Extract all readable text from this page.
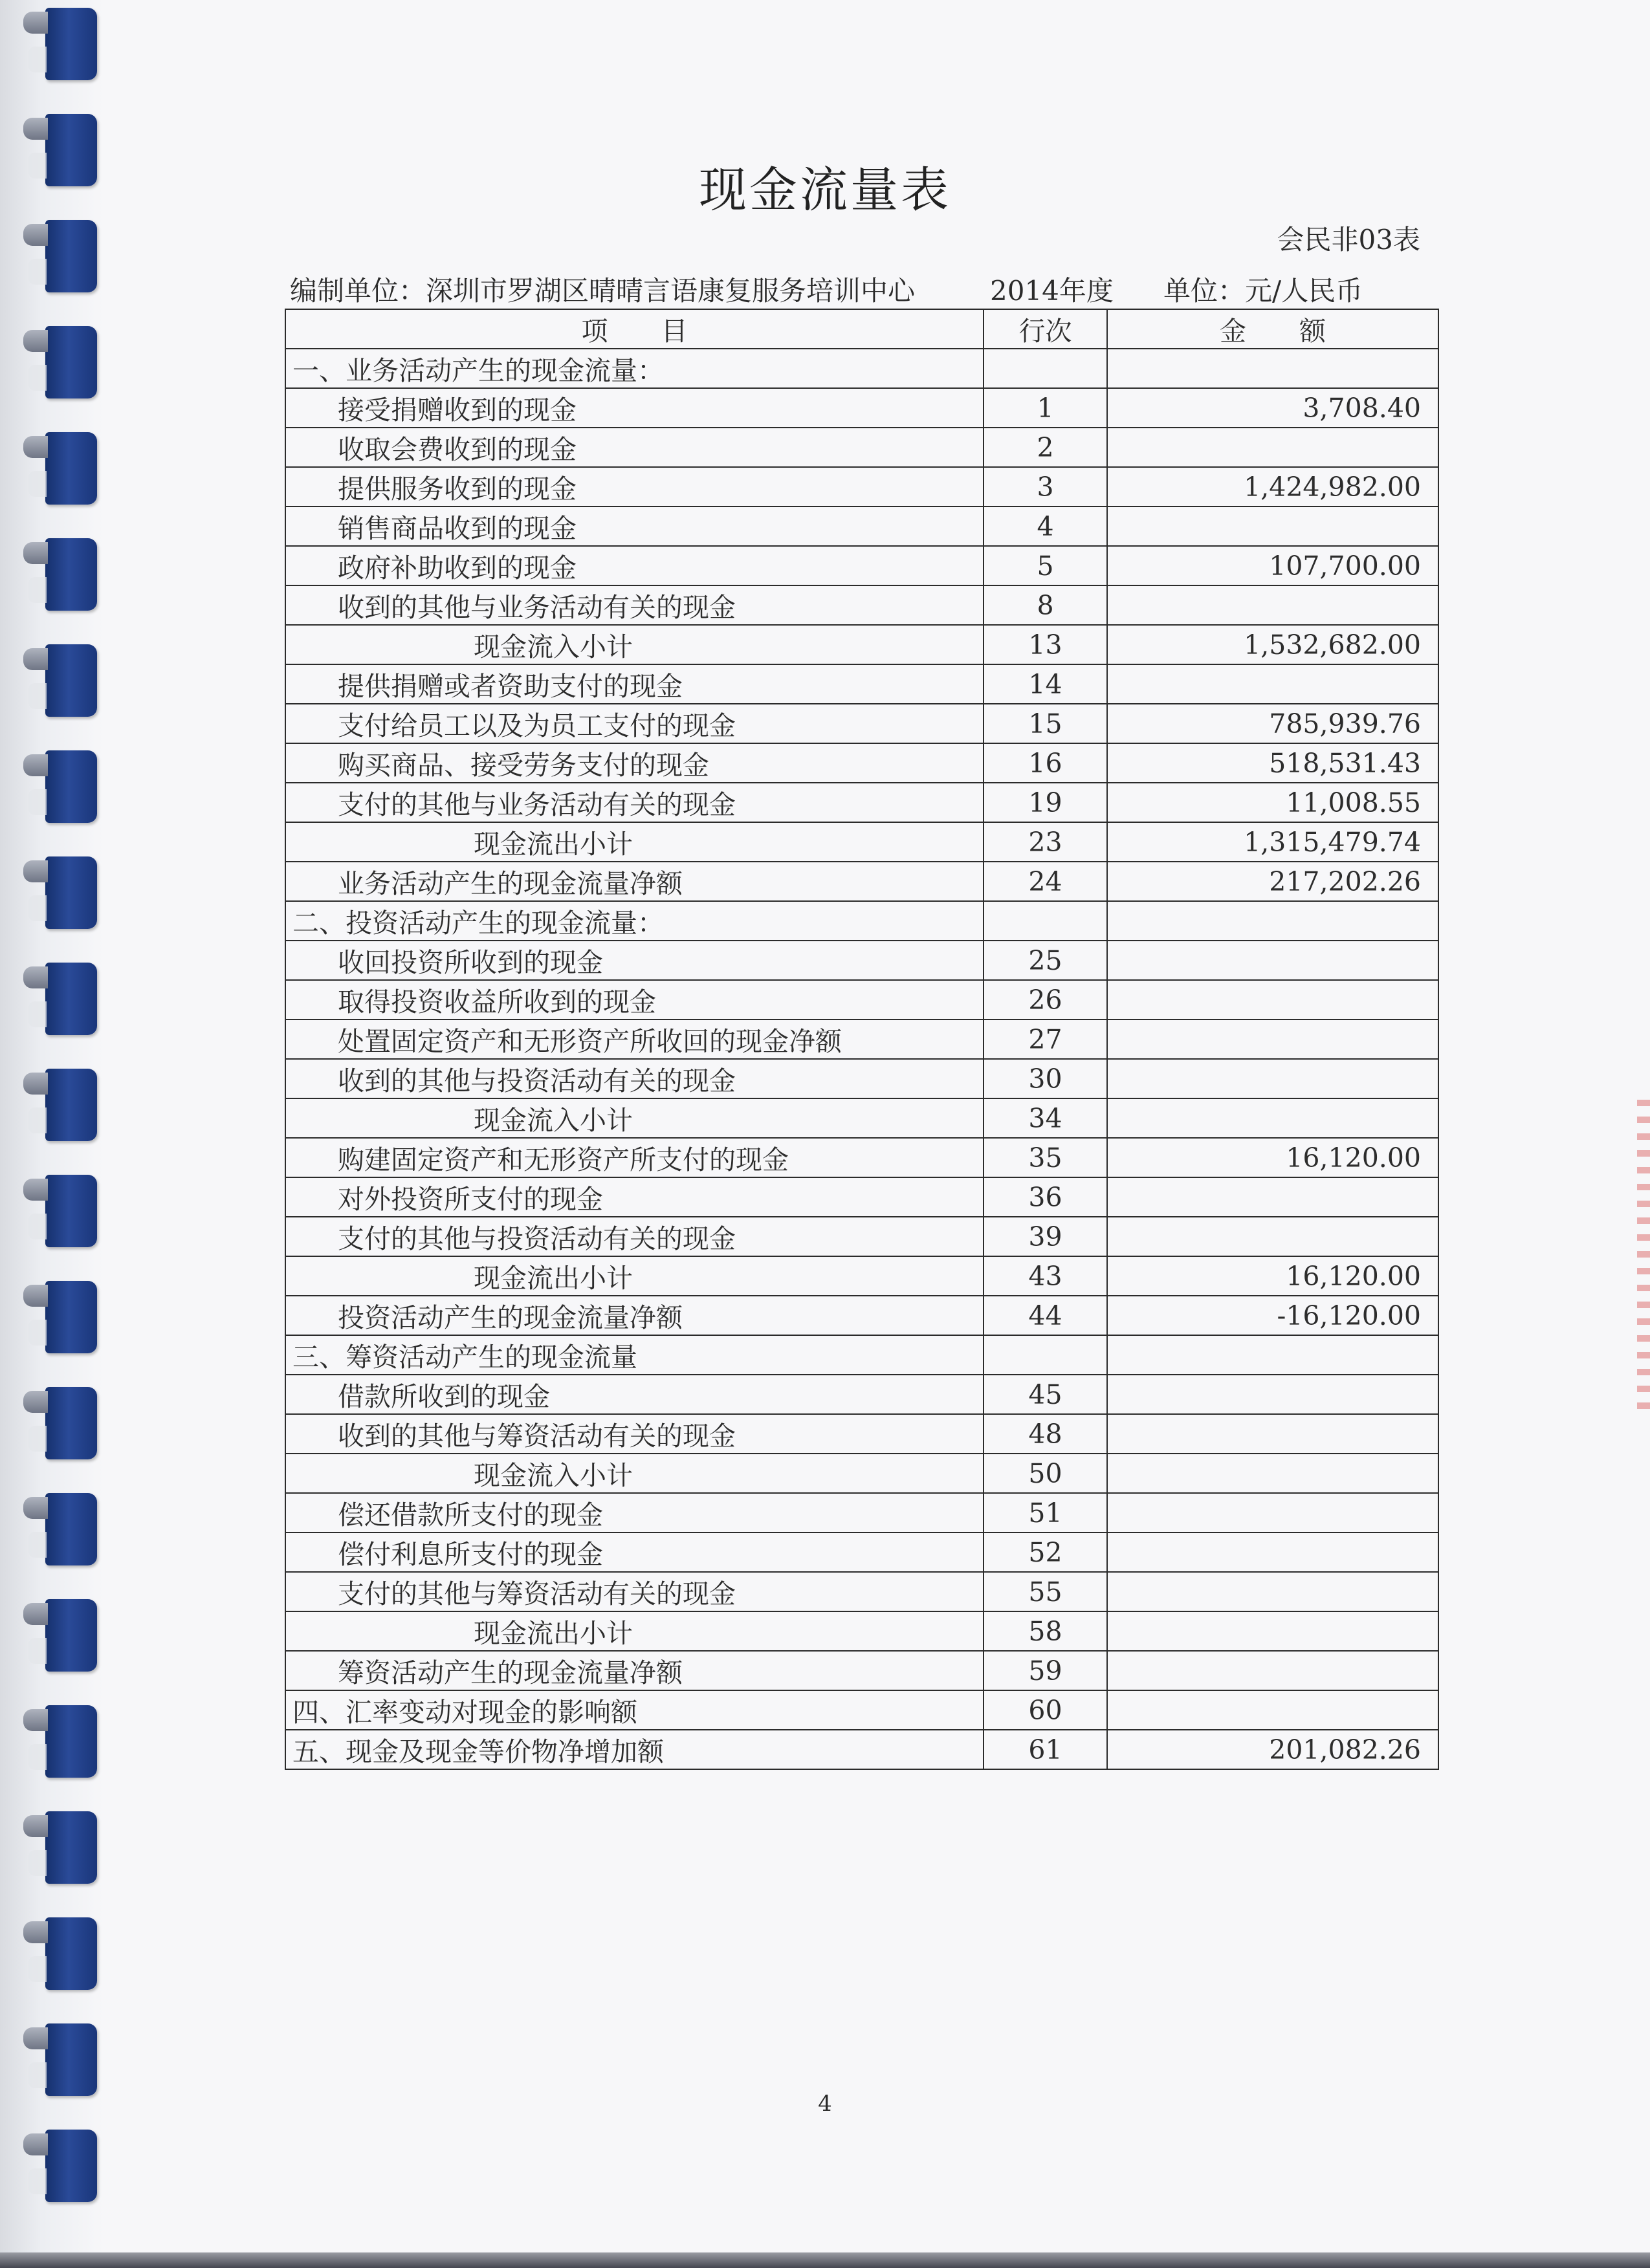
现金流量表
会民非03表
编制单位：深圳市罗湖区晴晴言语康复服务培训中心	2014年度 单位：元/人民币
项　　目	行次	金　　额
一、业务活动产生的现金流量：		
接受捐赠收到的现金	1	3,708.40
收取会费收到的现金	2	
提供服务收到的现金	3	1,424,982.00
销售商品收到的现金	4	
政府补助收到的现金	5	107,700.00
收到的其他与业务活动有关的现金	8	
现金流入小计	13	1,532,682.00
提供捐赠或者资助支付的现金	14	
支付给员工以及为员工支付的现金	15	785,939.76
购买商品、接受劳务支付的现金	16	518,531.43
支付的其他与业务活动有关的现金	19	11,008.55
现金流出小计	23	1,315,479.74
业务活动产生的现金流量净额	24	217,202.26
二、投资活动产生的现金流量：		
收回投资所收到的现金	25	
取得投资收益所收到的现金	26	
处置固定资产和无形资产所收回的现金净额	27	
收到的其他与投资活动有关的现金	30	
现金流入小计	34	
购建固定资产和无形资产所支付的现金	35	16,120.00
对外投资所支付的现金	36	
支付的其他与投资活动有关的现金	39	
现金流出小计	43	16,120.00
投资活动产生的现金流量净额	44	-16,120.00
三、筹资活动产生的现金流量		
借款所收到的现金	45	
收到的其他与筹资活动有关的现金	48	
现金流入小计	50	
偿还借款所支付的现金	51	
偿付利息所支付的现金	52	
支付的其他与筹资活动有关的现金	55	
现金流出小计	58	
筹资活动产生的现金流量净额	59	
四、汇率变动对现金的影响额	60	
五、现金及现金等价物净增加额	61	201,082.26
4
